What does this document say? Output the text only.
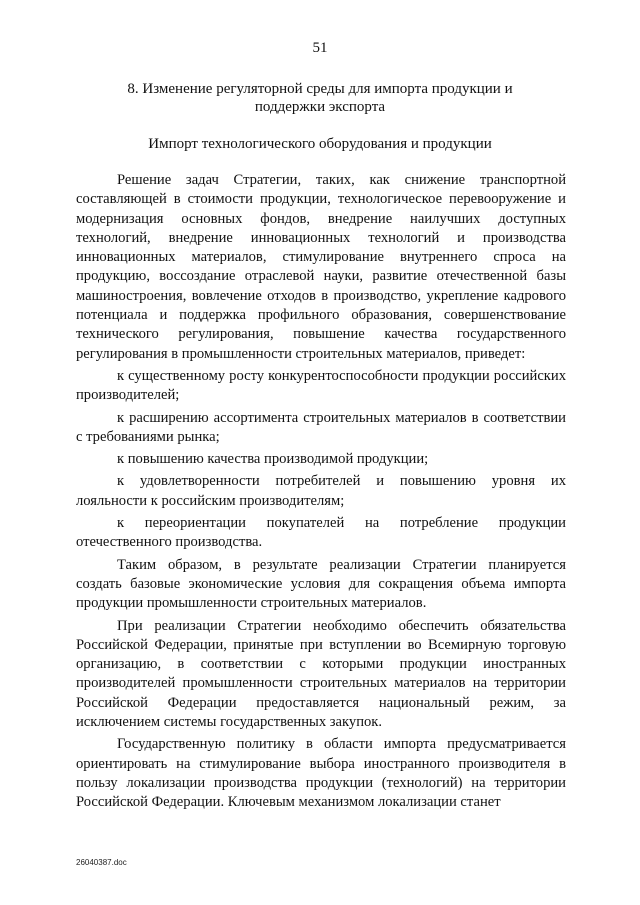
51
8. Изменение регуляторной среды для импорта продукции и поддержки экспорта
Импорт технологического оборудования и продукции

Решение задач Стратегии, таких, как снижение транспортной составляющей в стоимости продукции, технологическое перевооружение и модернизация основных фондов, внедрение наилучших доступных технологий, внедрение инновационных технологий и производства инновационных материалов, стимулирование внутреннего спроса на продукцию, воссоздание отраслевой науки, развитие отечественной базы машиностроения, вовлечение отходов в производство, укрепление кадрового потенциала и поддержка профильного образования, совершенствование технического регулирования, повышение качества государственного регулирования в промышленности строительных материалов, приведет:

к существенному росту конкурентоспособности продукции российских производителей;

к расширению ассортимента строительных материалов в соответствии с требованиями рынка;

к повышению качества производимой продукции;

к удовлетворенности потребителей и повышению уровня их лояльности к российским производителям;

к переориентации покупателей на потребление продукции отечественного производства.

Таким образом, в результате реализации Стратегии планируется создать базовые экономические условия для сокращения объема импорта продукции промышленности строительных материалов.

При реализации Стратегии необходимо обеспечить обязательства Российской Федерации, принятые при вступлении во Всемирную торговую организацию, в соответствии с которыми продукции иностранных производителей промышленности строительных материалов на территории Российской Федерации предоставляется национальный режим, за исключением системы государственных закупок.

Государственную политику в области импорта предусматривается ориентировать на стимулирование выбора иностранного производителя в пользу локализации производства продукции (технологий) на территории Российской Федерации. Ключевым механизмом локализации станет

26040387.doc
